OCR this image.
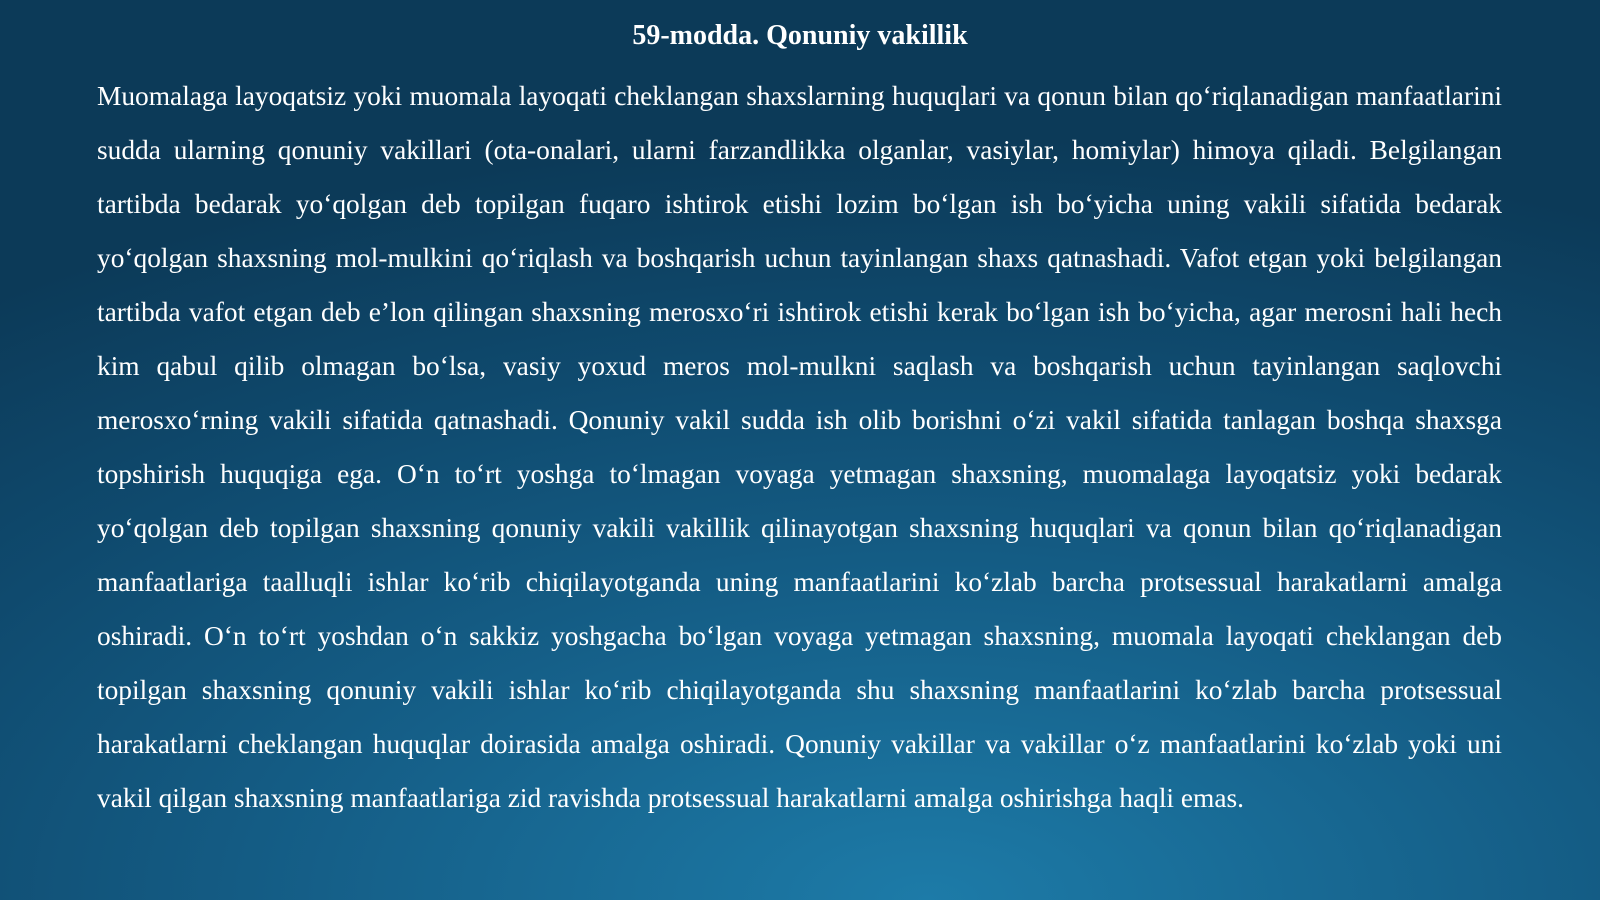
59-modda. Qonuniy vakillik

Muomalaga layoqatsiz yoki muomala layoqati cheklangan shaxslarning huquqlari va qonun bilan qo‘riqlanadigan manfaatlarini sudda ularning qonuniy vakillari (ota-onalari, ularni farzandlikka olganlar, vasiylar, homiylar) himoya qiladi. Belgilangan tartibda bedarak yo‘qolgan deb topilgan fuqaro ishtirok etishi lozim bo‘lgan ish bo‘yicha uning vakili sifatida bedarak yo‘qolgan shaxsning mol-mulkini qo‘riqlash va boshqarish uchun tayinlangan shaxs qatnashadi. Vafot etgan yoki belgilangan tartibda vafot etgan deb e’lon qilingan shaxsning merosxo‘ri ishtirok etishi kerak bo‘lgan ish bo‘yicha, agar merosni hali hech kim qabul qilib olmagan bo‘lsa, vasiy yoxud meros mol-mulkni saqlash va boshqarish uchun tayinlangan saqlovchi merosxo‘rning vakili sifatida qatnashadi. Qonuniy vakil sudda ish olib borishni o‘zi vakil sifatida tanlagan boshqa shaxsga topshirish huquqiga ega. O‘n to‘rt yoshga to‘lmagan voyaga yetmagan shaxsning, muomalaga layoqatsiz yoki bedarak yo‘qolgan deb topilgan shaxsning qonuniy vakili vakillik qilinayotgan shaxsning huquqlari va qonun bilan qo‘riqlanadigan manfaatlariga taalluqli ishlar ko‘rib chiqilayotganda uning manfaatlarini ko‘zlab barcha protsessual harakatlarni amalga oshiradi. O‘n to‘rt yoshdan o‘n sakkiz yoshgacha bo‘lgan voyaga yetmagan shaxsning, muomala layoqati cheklangan deb topilgan shaxsning qonuniy vakili ishlar ko‘rib chiqilayotganda shu shaxsning manfaatlarini ko‘zlab barcha protsessual harakatlarni cheklangan huquqlar doirasida amalga oshiradi. Qonuniy vakillar va vakillar o‘z manfaatlarini ko‘zlab yoki uni vakil qilgan shaxsning manfaatlariga zid ravishda protsessual harakatlarni amalga oshirishga haqli emas.
